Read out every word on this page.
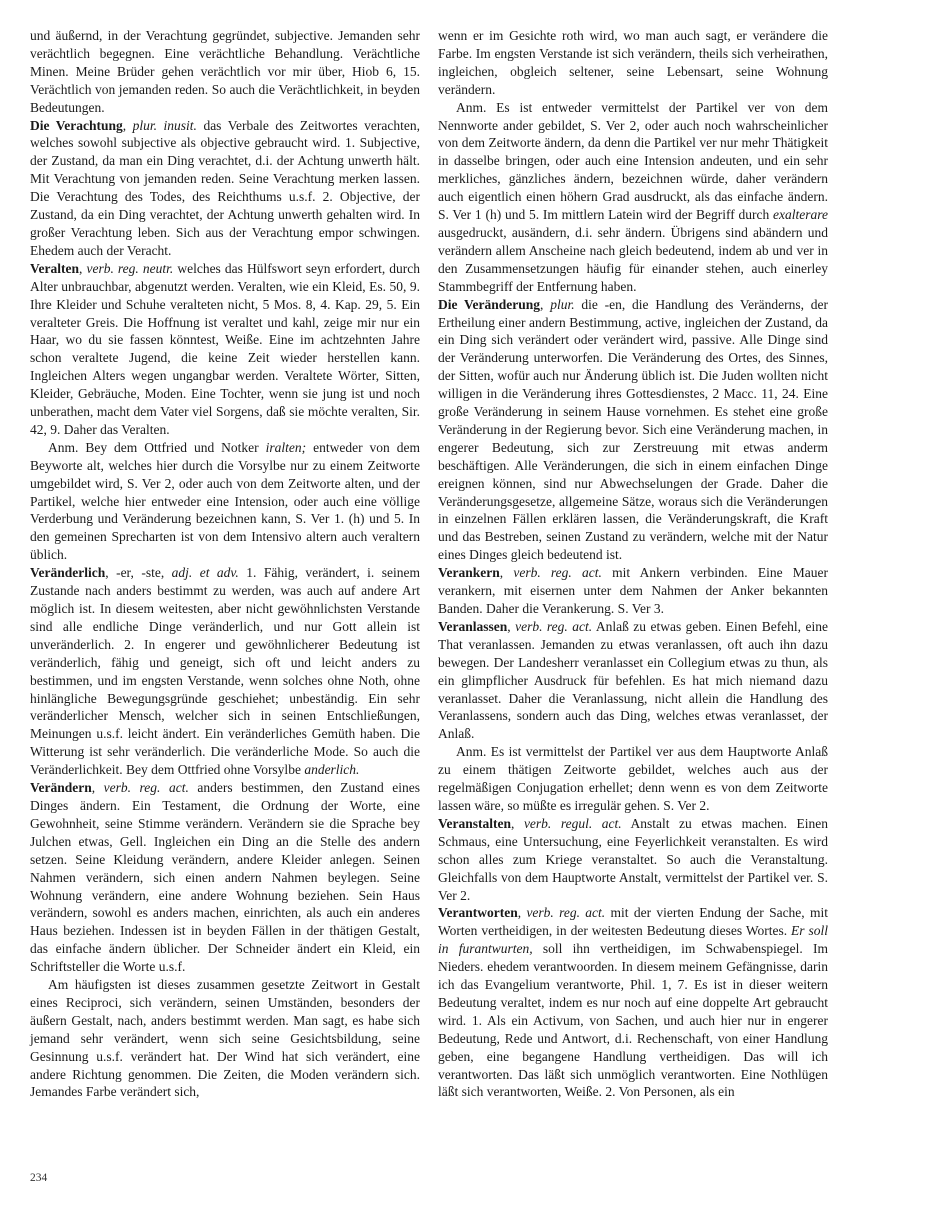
und äußernd, in der Verachtung gegründet, subjective. Jemanden sehr verächtlich begegnen. Eine verächtliche Behandlung. Verächtliche Minen. Meine Brüder gehen verächtlich vor mir über, Hiob 6, 15. Verächtlich von jemanden reden. So auch die Verächtlichkeit, in beyden Bedeutungen.

Die Verachtung, plur. inusit. das Verbale des Zeitwortes verachten, welches sowohl subjective als objective gebraucht wird. 1. Subjective, der Zustand, da man ein Ding verachtet, d.i. der Achtung unwerth hält. Mit Verachtung von jemanden reden. Seine Verachtung merken lassen. Die Verachtung des Todes, des Reichthums u.s.f. 2. Objective, der Zustand, da ein Ding verachtet, der Achtung unwerth gehalten wird. In großer Verachtung leben. Sich aus der Verachtung empor schwingen. Ehedem auch der Veracht.

Veralten, verb. reg. neutr. welches das Hülfswort seyn erfordert, durch Alter unbrauchbar, abgenutzt werden. Veralten, wie ein Kleid, Es. 50, 9. Ihre Kleider und Schuhe veralteten nicht, 5 Mos. 8, 4. Kap. 29, 5. Ein veralteter Greis. Die Hoffnung ist veraltet und kahl, zeige mir nur ein Haar, wo du sie fassen könntest, Weiße. Eine im achtzehnten Jahre schon veraltete Jugend, die keine Zeit wieder herstellen kann. Ingleichen Alters wegen ungangbar werden. Veraltete Wörter, Sitten, Kleider, Gebräuche, Moden. Eine Tochter, wenn sie jung ist und noch unberathen, macht dem Vater viel Sorgens, daß sie möchte veralten, Sir. 42, 9. Daher das Veralten.

Anm. Bey dem Ottfried und Notker iralten; entweder von dem Beyworte alt, welches hier durch die Vorsylbe nur zu einem Zeitworte umgebildet wird, S. Ver 2, oder auch von dem Zeitworte alten, und der Partikel, welche hier entweder eine Intension, oder auch eine völlige Verderbung und Veränderung bezeichnen kann, S. Ver 1. (h) und 5. In den gemeinen Sprecharten ist von dem Intensivo altern auch veraltern üblich.

Veränderlich, -er, -ste, adj. et adv. 1. Fähig, verändert, i. seinem Zustande nach anders bestimmt zu werden, was auch auf andere Art möglich ist. In diesem weitesten, aber nicht gewöhnlichsten Verstande sind alle endliche Dinge veränderlich, und nur Gott allein ist unveränderlich. 2. In engerer und gewöhnlicherer Bedeutung ist veränderlich, fähig und geneigt, sich oft und leicht anders zu bestimmen, und im engsten Verstande, wenn solches ohne Noth, ohne hinlängliche Bewegungsgründe geschiehet; unbeständig. Ein sehr veränderlicher Mensch, welcher sich in seinen Entschließungen, Meinungen u.s.f. leicht ändert. Ein veränderliches Gemüth haben. Die Witterung ist sehr veränderlich. Die veränderliche Mode. So auch die Veränderlichkeit. Bey dem Ottfried ohne Vorsylbe anderlich.

Verändern, verb. reg. act. anders bestimmen, den Zustand eines Dinges ändern. Ein Testament, die Ordnung der Worte, eine Gewohnheit, seine Stimme verändern. Verändern sie die Sprache bey Julchen etwas, Gell. Ingleichen ein Ding an die Stelle des andern setzen. Seine Kleidung verändern, andere Kleider anlegen. Seinen Nahmen verändern, sich einen andern Nahmen beylegen. Seine Wohnung verändern, eine andere Wohnung beziehen. Sein Haus verändern, sowohl es anders machen, einrichten, als auch ein anderes Haus beziehen. Indessen ist in beyden Fällen in der thätigen Gestalt, das einfache ändern üblicher. Der Schneider ändert ein Kleid, ein Schriftsteller die Worte u.s.f.

Am häufigsten ist dieses zusammen gesetzte Zeitwort in Gestalt eines Reciproci, sich verändern, seinen Umständen, besonders der äußern Gestalt, nach, anders bestimmt werden. Man sagt, es habe sich jemand sehr verändert, wenn sich seine Gesichtsbildung, seine Gesinnung u.s.f. verändert hat. Der Wind hat sich verändert, eine andere Richtung genommen. Die Zeiten, die Moden verändern sich. Jemandes Farbe verändert sich,

wenn er im Gesichte roth wird, wo man auch sagt, er verändere die Farbe. Im engsten Verstande ist sich verändern, theils sich verheirathen, ingleichen, obgleich seltener, seine Lebensart, seine Wohnung verändern.

Anm. Es ist entweder vermittelst der Partikel ver von dem Nennworte ander gebildet, S. Ver 2, oder auch noch wahrscheinlicher von dem Zeitworte ändern, da denn die Partikel ver nur mehr Thätigkeit in dasselbe bringen, oder auch eine Intension andeuten, und ein sehr merkliches, gänzliches ändern, bezeichnen würde, daher verändern auch eigentlich einen höhern Grad ausdruckt, als das einfache ändern. S. Ver 1 (h) und 5. Im mittlern Latein wird der Begriff durch exalterare ausgedruckt, ausändern, d.i. sehr ändern. Übrigens sind abändern und verändern allem Anscheine nach gleich bedeutend, indem ab und ver in den Zusammensetzungen häufig für einander stehen, auch einerley Stammbegriff der Entfernung haben.

Die Veränderung, plur. die -en, die Handlung des Veränderns, der Ertheilung einer andern Bestimmung, active, ingleichen der Zustand, da ein Ding sich verändert oder verändert wird, passive. Alle Dinge sind der Veränderung unterworfen. Die Veränderung des Ortes, des Sinnes, der Sitten, wofür auch nur Änderung üblich ist. Die Juden wollten nicht willigen in die Veränderung ihres Gottesdienstes, 2 Macc. 11, 24. Eine große Veränderung in seinem Hause vornehmen. Es stehet eine große Veränderung in der Regierung bevor. Sich eine Veränderung machen, in engerer Bedeutung, sich zur Zerstreuung mit etwas anderm beschäftigen. Alle Veränderungen, die sich in einem einfachen Dinge ereignen können, sind nur Abwechselungen der Grade. Daher die Veränderungsgesetze, allgemeine Sätze, woraus sich die Veränderungen in einzelnen Fällen erklären lassen, die Veränderungskraft, die Kraft und das Bestreben, seinen Zustand zu verändern, welche mit der Natur eines Dinges gleich bedeutend ist.

Verankern, verb. reg. act. mit Ankern verbinden. Eine Mauer verankern, mit eisernen unter dem Nahmen der Anker bekannten Banden. Daher die Verankerung. S. Ver 3.

Veranlassen, verb. reg. act. Anlaß zu etwas geben. Einen Befehl, eine That veranlassen. Jemanden zu etwas veranlassen, oft auch ihn dazu bewegen. Der Landesherr veranlasset ein Collegium etwas zu thun, als ein glimpflicher Ausdruck für befehlen. Es hat mich niemand dazu veranlasset. Daher die Veranlassung, nicht allein die Handlung des Veranlassens, sondern auch das Ding, welches etwas veranlasset, der Anlaß.

Anm. Es ist vermittelst der Partikel ver aus dem Hauptworte Anlaß zu einem thätigen Zeitworte gebildet, welches auch aus der regelmäßigen Conjugation erhellet; denn wenn es von dem Zeitworte lassen wäre, so müßte es irregulär gehen. S. Ver 2.

Veranstalten, verb. regul. act. Anstalt zu etwas machen. Einen Schmaus, eine Untersuchung, eine Feyerlichkeit veranstalten. Es wird schon alles zum Kriege veranstaltet. So auch die Veranstaltung. Gleichfalls von dem Hauptworte Anstalt, vermittelst der Partikel ver. S. Ver 2.

Verantworten, verb. reg. act. mit der vierten Endung der Sache, mit Worten vertheidigen, in der weitesten Bedeutung dieses Wortes. Er soll in furantwurten, soll ihn vertheidigen, im Schwabenspiegel. Im Nieders. ehedem verantwoorden. In diesem meinem Gefängnisse, darin ich das Evangelium verantworte, Phil. 1, 7. Es ist in dieser weitern Bedeutung veraltet, indem es nur noch auf eine doppelte Art gebraucht wird. 1. Als ein Activum, von Sachen, und auch hier nur in engerer Bedeutung, Rede und Antwort, d.i. Rechenschaft, von einer Handlung geben, eine begangene Handlung vertheidigen. Das will ich verantworten. Das läßt sich unmöglich verantworten. Eine Nothlügen läßt sich verantworten, Weiße. 2. Von Personen, als ein

234
